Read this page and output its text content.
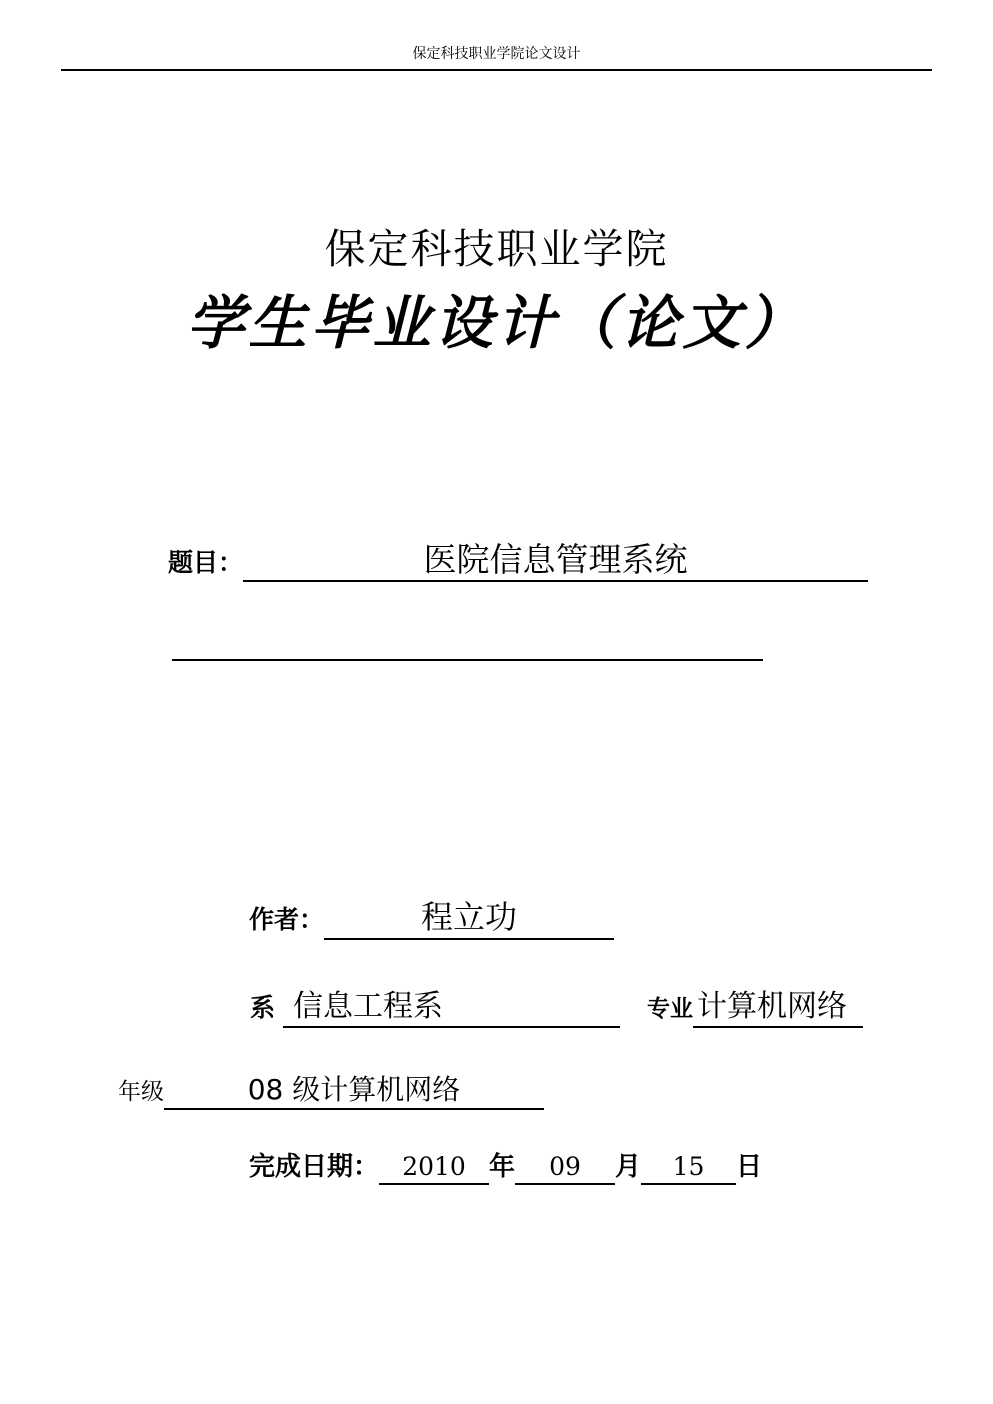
保定科技职业学院论文设计
保定科技职业学院
学生毕业设计（论文）
题目：	医院信息管理系统
作者：	程立功
系 信息工程系	专业 计算机网络
年级	08 级计算机网络
完成日期： 2010 年	09	月	15	日
